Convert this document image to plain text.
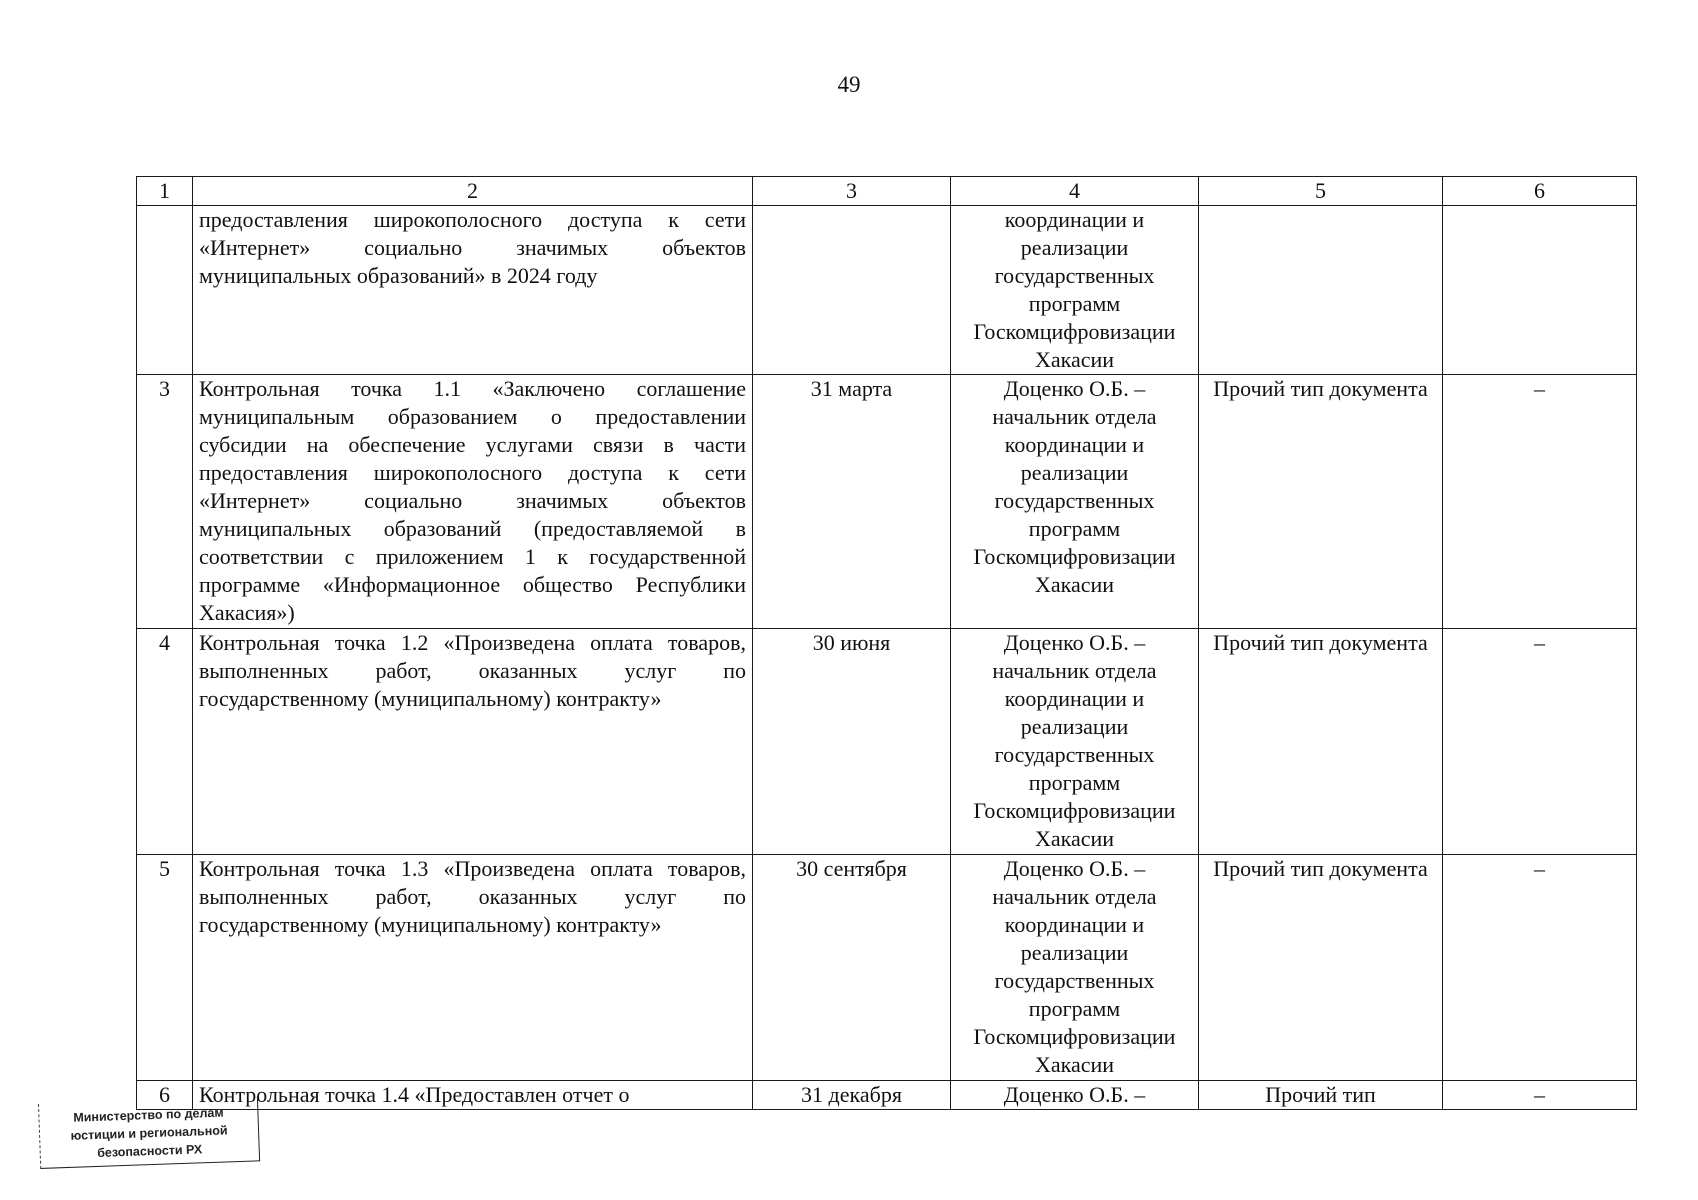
49
1	2	3	4	5	6
	предоставления широкополосного доступа к сети «Интернет» социально значимых объектов муниципальных образований» в 2024 году		координации и реализации государственных программ Госкомцифровизации Хакасии		
3	Контрольная точка 1.1 «Заключено соглашение муниципальным образованием о предоставлении субсидии на обеспечение услугами связи в части предоставления широкополосного доступа к сети «Интернет» социально значимых объектов муниципальных образований (предоставляемой в соответствии с приложением 1 к государственной программе «Информационное общество Республики Хакасия»)	31 марта	Доценко О.Б. – начальник отдела координации и реализации государственных программ Госкомцифровизации Хакасии	Прочий тип документа	–
4	Контрольная точка 1.2 «Произведена оплата товаров, выполненных работ, оказанных услуг по государственному (муниципальному) контракту»	30 июня	Доценко О.Б. – начальник отдела координации и реализации государственных программ Госкомцифровизации Хакасии	Прочий тип документа	–
5	Контрольная точка 1.3 «Произведена оплата товаров, выполненных работ, оказанных услуг по государственному (муниципальному) контракту»	30 сентября	Доценко О.Б. – начальник отдела координации и реализации государственных программ Госкомцифровизации Хакасии	Прочий тип документа	–
6	Контрольная точка 1.4 «Предоставлен отчет о	31 декабря	Доценко О.Б. –	Прочий тип	–
Министерство по делам
юстиции и региональной
безопасности РХ
